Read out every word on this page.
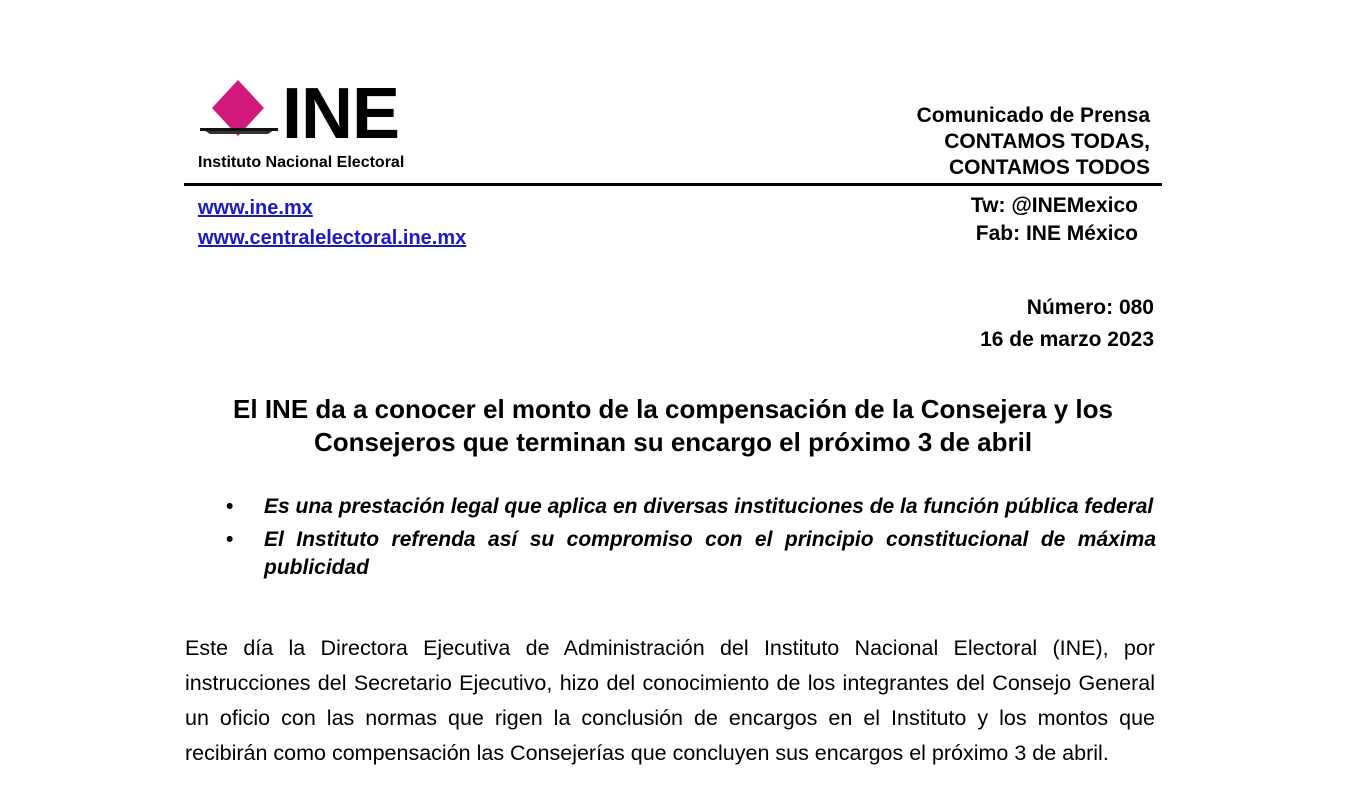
INE
Instituto Nacional Electoral
Comunicado de Prensa
CONTAMOS TODAS,
CONTAMOS TODOS
www.ine.mx
www.centralelectoral.ine.mx
Tw: @INEMexico
Fab: INE México
Número: 080
16 de marzo 2023
El INE da a conocer el monto de la compensación de la Consejera y los Consejeros que terminan su encargo el próximo 3 de abril
• Es una prestación legal que aplica en diversas instituciones de la función pública federal
• El Instituto refrenda así su compromiso con el principio constitucional de máxima publicidad
Este día la Directora Ejecutiva de Administración del Instituto Nacional Electoral (INE), por instrucciones del Secretario Ejecutivo, hizo del conocimiento de los integrantes del Consejo General un oficio con las normas que rigen la conclusión de encargos en el Instituto y los montos que recibirán como compensación las Consejerías que concluyen sus encargos el próximo 3 de abril.
